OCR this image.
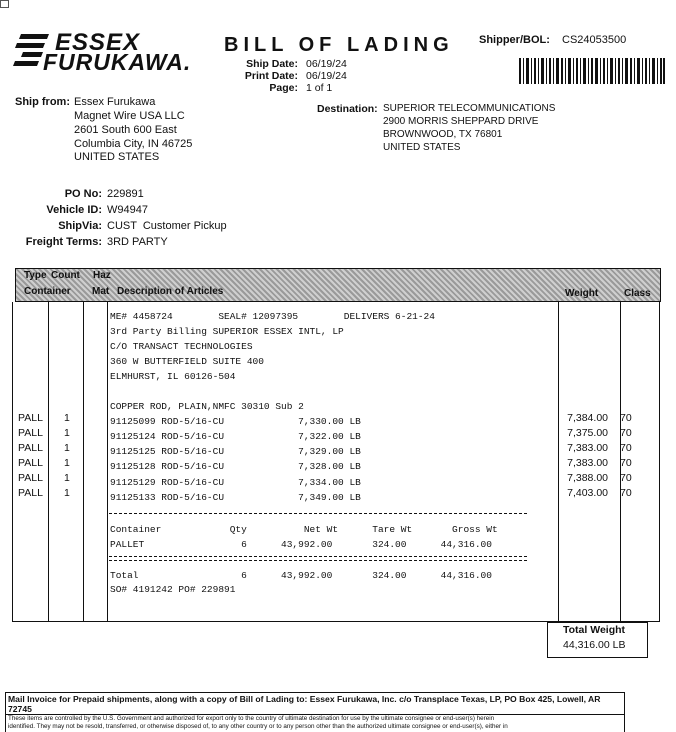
ESSEX
FURUKAWA.
BILL OF LADING
Ship Date: 06/19/24
Print Date: 06/19/24
Page: 1 of 1
Shipper/BOL: CS24053500
Ship from: Essex Furukawa
Magnet Wire USA LLC
2601 South 600 East
Columbia City, IN 46725
UNITED STATES
Destination: SUPERIOR TELECOMMUNICATIONS
2900 MORRIS SHEPPARD DRIVE
BROWNWOOD, TX 76801
UNITED STATES
PO No: 229891
Vehicle ID: W94947
ShipVia: CUST  Customer Pickup
Freight Terms: 3RD PARTY
Type Count Haz
Container Mat Description of Articles	Weight	Class
ME# 4458724        SEAL# 12097395        DELIVERS 6-21-24
3rd Party Billing SUPERIOR ESSEX INTL, LP
C/O TRANSACT TECHNOLOGIES
360 W BUTTERFIELD SUITE 400
ELMHURST, IL 60126-504
COPPER ROD, PLAIN,NMFC 30310 Sub 2
PALL 1	91125099 ROD-5/16-CU             7,330.00 LB	7,384.00 70
PALL 1	91125124 ROD-5/16-CU             7,322.00 LB	7,375.00 70
PALL 1	91125125 ROD-5/16-CU             7,329.00 LB	7,383.00 70
PALL 1	91125128 ROD-5/16-CU             7,328.00 LB	7,383.00 70
PALL 1	91125129 ROD-5/16-CU             7,334.00 LB	7,388.00 70
PALL 1	91125133 ROD-5/16-CU             7,349.00 LB	7,403.00 70
Container            Qty          Net Wt      Tare Wt       Gross Wt
PALLET                 6      43,992.00       324.00      44,316.00
Total                  6      43,992.00       324.00      44,316.00
SO# 4191242 PO# 229891
Total Weight
44,316.00 LB
Mail Invoice for Prepaid shipments, along with a copy of Bill of Lading to: Essex Furukawa, Inc. c/o Transplace Texas, LP, PO Box 425, Lowell, AR 72745
These items are controlled by the U.S. Government and authorized for export only to the country of ultimate destination for use by the ultimate consignee or end-user(s) herein
identified. They may not be resold, transferred, or otherwise disposed of, to any other country or to any person other than the authorized ultimate consignee or end-user(s), either in
